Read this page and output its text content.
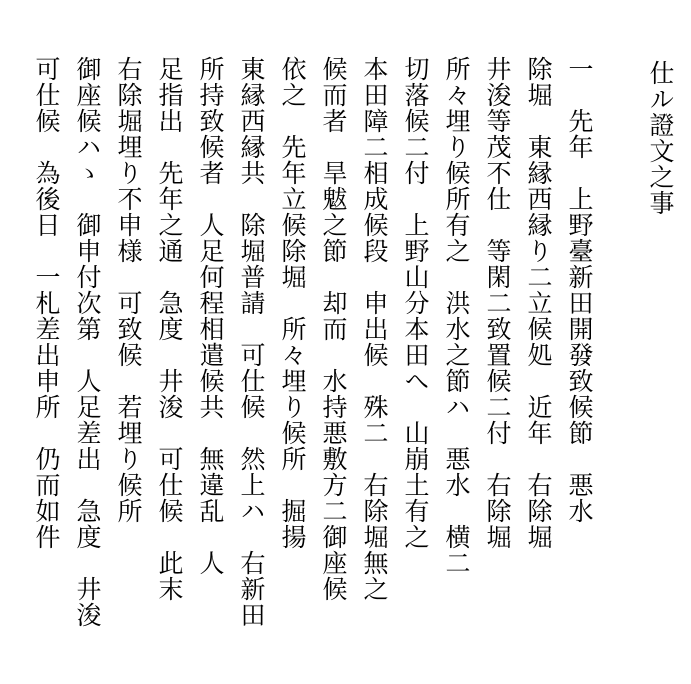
仕ル證文之事
一　先年　上野臺新田開發致候節　悪水
除堀　東縁西縁り二立候処　近年　右除堀
井浚等茂不仕　等閑二致置候二付　右除堀
所々埋り候所有之　洪水之節ハ　悪水　横二
切落候二付　上野山分本田へ　山崩土有之
本田障二相成候段　申出候　殊二　右除堀無之
候而者　旱魃之節　却而　水持悪敷方二御座候
依之　先年立候除堀　所々埋り候所　掘揚
東縁西縁共　除堀普請　可仕候　然上ハ　右新田
所持致候者　人足何程相遣候共　無違乱　人
足指出　先年之通　急度　井浚　可仕候　此末
右除堀埋り不申様　可致候　若埋り候所
御座候ハゝ　御申付次第　人足差出　急度　井浚
可仕候　為後日　一札差出申所　仍而如件
